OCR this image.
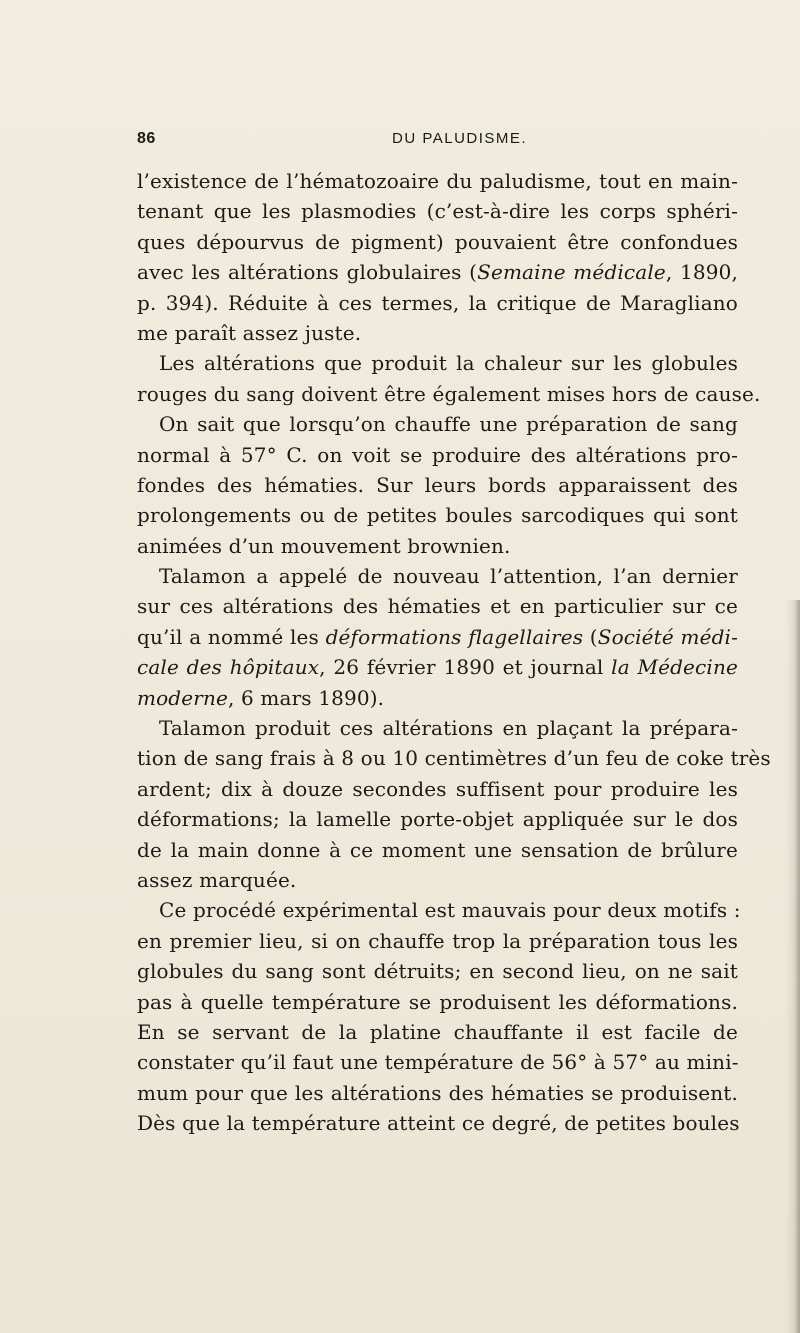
86	DU PALUDISME.
l’existence de l’hématozoaire du paludisme, tout en main-
tenant que les plasmodies (c’est-à-dire les corps sphéri-
ques dépourvus de pigment) pouvaient être confondues
avec les altérations globulaires (Semaine médicale, 1890,
p. 394). Réduite à ces termes, la critique de Maragliano
me paraît assez juste.
Les altérations que produit la chaleur sur les globules
rouges du sang doivent être également mises hors de cause.
On sait que lorsqu’on chauffe une préparation de sang
normal à 57° C. on voit se produire des altérations pro-
fondes des hématies. Sur leurs bords apparaissent des
prolongements ou de petites boules sarcodiques qui sont
animées d’un mouvement brownien.
Talamon a appelé de nouveau l’attention, l’an dernier
sur ces altérations des hématies et en particulier sur ce
qu’il a nommé les déformations flagellaires (Société médi-
cale des hôpitaux, 26 février 1890 et journal la Médecine
moderne, 6 mars 1890).
Talamon produit ces altérations en plaçant la prépara-
tion de sang frais à 8 ou 10 centimètres d’un feu de coke très
ardent; dix à douze secondes suffisent pour produire les
déformations; la lamelle porte-objet appliquée sur le dos
de la main donne à ce moment une sensation de brûlure
assez marquée.
Ce procédé expérimental est mauvais pour deux motifs :
en premier lieu, si on chauffe trop la préparation tous les
globules du sang sont détruits; en second lieu, on ne sait
pas à quelle température se produisent les déformations.
En se servant de la platine chauffante il est facile de
constater qu’il faut une température de 56° à 57° au mini-
mum pour que les altérations des hématies se produisent.
Dès que la température atteint ce degré, de petites boules
